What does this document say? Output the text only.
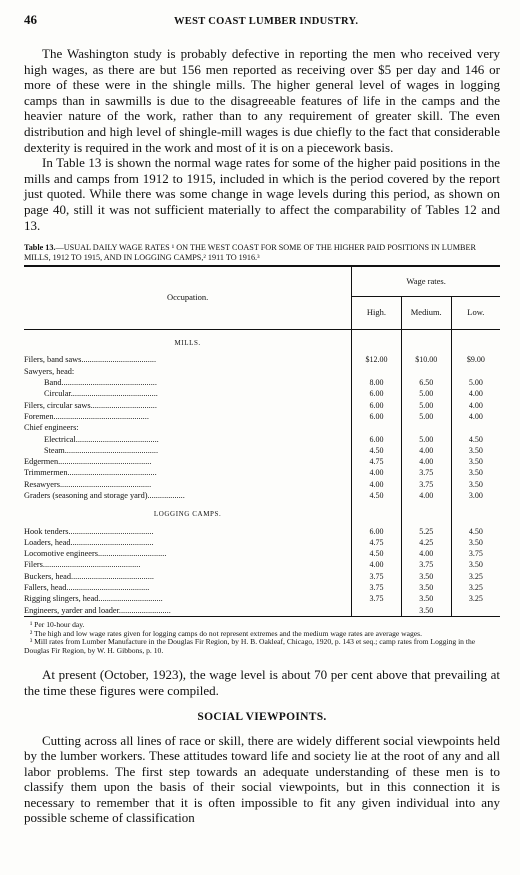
46	WEST COAST LUMBER INDUSTRY.

The Washington study is probably defective in reporting the men who received very high wages, as there are but 156 men reported as receiving over $5 per day and 146 or more of these were in the shingle mills. The higher general level of wages in logging camps than in sawmills is due to the disagreeable features of life in the camps and the heavier nature of the work, rather than to any requirement of greater skill. The even distribution and high level of shingle-mill wages is due chiefly to the fact that considerable dexterity is required in the work and most of it is on a piecework basis.

In Table 13 is shown the normal wage rates for some of the higher paid positions in the mills and camps from 1912 to 1915, included in which is the period covered by the report just quoted. While there was some change in wage levels during this period, as shown on page 40, still it was not sufficient materially to affect the comparability of Tables 12 and 13.

Table 13.—USUAL DAILY WAGE RATES ¹ ON THE WEST COAST FOR SOME OF THE HIGHER PAID POSITIONS IN LUMBER MILLS, 1912 TO 1915, AND IN LOGGING CAMPS,² 1911 TO 1916.³
Occupation.	Wage rates.		
	High.	Medium.	Low.
MILLS.			
Filers, band saws....................................	$12.00	$10.00	$9.00
Sawyers, head:			
Band..............................................	8.00	6.50	5.00
Circular..........................................	6.00	5.00	4.00
Filers, circular saws................................	6.00	5.00	4.00
Foremen..............................................	6.00	5.00	4.00
Chief engineers:			
Electrical........................................	6.00	5.00	4.50
Steam.............................................	4.50	4.00	3.50
Edgermen.............................................	4.75	4.00	3.50
Trimmermen...........................................	4.00	3.75	3.50
Resawyers............................................	4.00	3.75	3.50
Graders (seasoning and storage yard)..................	4.50	4.00	3.00
LOGGING CAMPS.			
Hook tenders.........................................	6.00	5.25	4.50
Loaders, head........................................	4.75	4.25	3.50
Locomotive engineers.................................	4.50	4.00	3.75
Filers...............................................	4.00	3.75	3.50
Buckers, head........................................	3.75	3.50	3.25
Fallers, head........................................	3.75	3.50	3.25
Rigging slingers, head...............................	3.75	3.50	3.25
Engineers, yarder and loader.........................		3.50	
¹ Per 10-hour day.
² The high and low wage rates given for logging camps do not represent extremes and the medium wage rates are average wages.
³ Mill rates from Lumber Manufacture in the Douglas Fir Region, by H. B. Oakleaf, Chicago, 1920, p. 143 et seq.; camp rates from Logging in the Douglas Fir Region, by W. H. Gibbons, p. 10.

At present (October, 1923), the wage level is about 70 per cent above that prevailing at the time these figures were compiled.

SOCIAL VIEWPOINTS.

Cutting across all lines of race or skill, there are widely different social viewpoints held by the lumber workers. These attitudes toward life and society lie at the root of any and all labor problems. The first step towards an adequate understanding of these men is to classify them upon the basis of their social viewpoints, but in this connection it is necessary to remember that it is often impossible to fit any given individual into any possible scheme of classification
